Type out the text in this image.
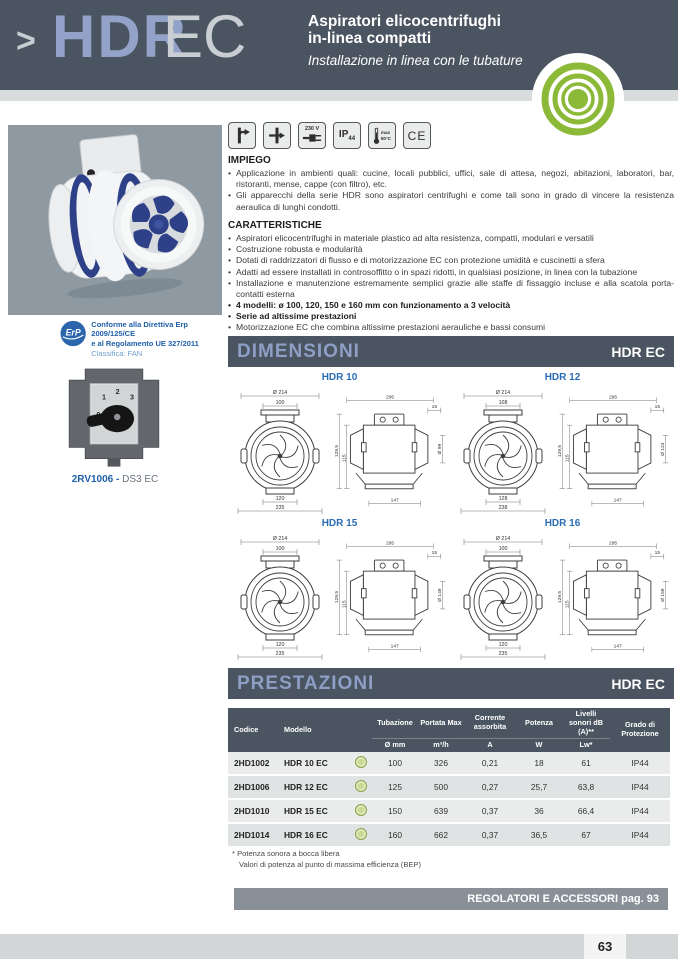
> HDR
EC	Aspiratori elicocentrifughi
in-linea compatti
Installazione in linea con le tubature
ErP
Conforme alla Direttiva Erp 2009/125/CE
e al Regolamento UE 327/2011
Classifica: FAN
1
2
3
2RV1006 - DS3 EC
230 V $IP_{44}$
max
50°C CE
IMPIEGO
• Applicazione in ambienti quali: cucine, locali pubblici, uffici, sale di attesa, negozi, abitazioni, laboratori, bar, ristoranti, mense, cappe (con filtro), etc.
• Gli apparecchi della serie HDR sono aspiratori centrifughi e come tali sono in grado di vincere la resistenza aeraulica di lunghi condotti.
CARATTERISTICHE
• Aspiratori elicocentrifughi in materiale plastico ad alta resistenza, compatti, modulari e versatili
• Costruzione robusta e modularità
• Dotati di raddrizzatori di flusso e di motorizzazione EC con protezione umidità e cuscinetti a sfera
• Adatti ad essere installati in controsoffitto o in spazi ridotti, in qualsiasi posizione, in linea con la tubazione
• Installazione e manutenzione estremamente semplici grazie alle staffe di fissaggio incluse e alla scatola porta-contatti esterna
• 4 modelli: ø 100, 120, 150 e 160 mm con funzionamento a 3 velocità
• Serie ad altissime prestazioni
• Motorizzazione EC che combina altissime prestazioni aerauliche e bassi consumi
DIMENSIONI	HDR EC
HDR 10
Ø 214
100
120
235
295
15
129,5
115
Ø 99
147
HDR 12
Ø 214
108
128
238
295
15
129,5
115
Ø 124
147
HDR 15
Ø 214
100
120
235
295
15
129,5
115
Ø 149
147
HDR 16
Ø 214
100
120
235
295
15
129,5
115
Ø 159
147
PRESTAZIONI	HDR EC
Codice	Modello		Tubazione	Portata Max	Corrente assorbita	Potenza	Livelli sonori dB (A)**	Grado di Protezione
			Ø mm	m³/h	A	W	Lw*	
2HD1002	HDR 10 EC		100	326	0,21	18	61	IP44
2HD1006	HDR 12 EC		125	500	0,27	25,7	63,8	IP44
2HD1010	HDR 15 EC		150	639	0,37	36	66,4	IP44
2HD1014	HDR 16 EC		160	662	0,37	36,5	67	IP44
* Potenza sonora a bocca libera
Valori di potenza al punto di massima efficienza (BEP)
REGOLATORI E ACCESSORI pag. 93
63
